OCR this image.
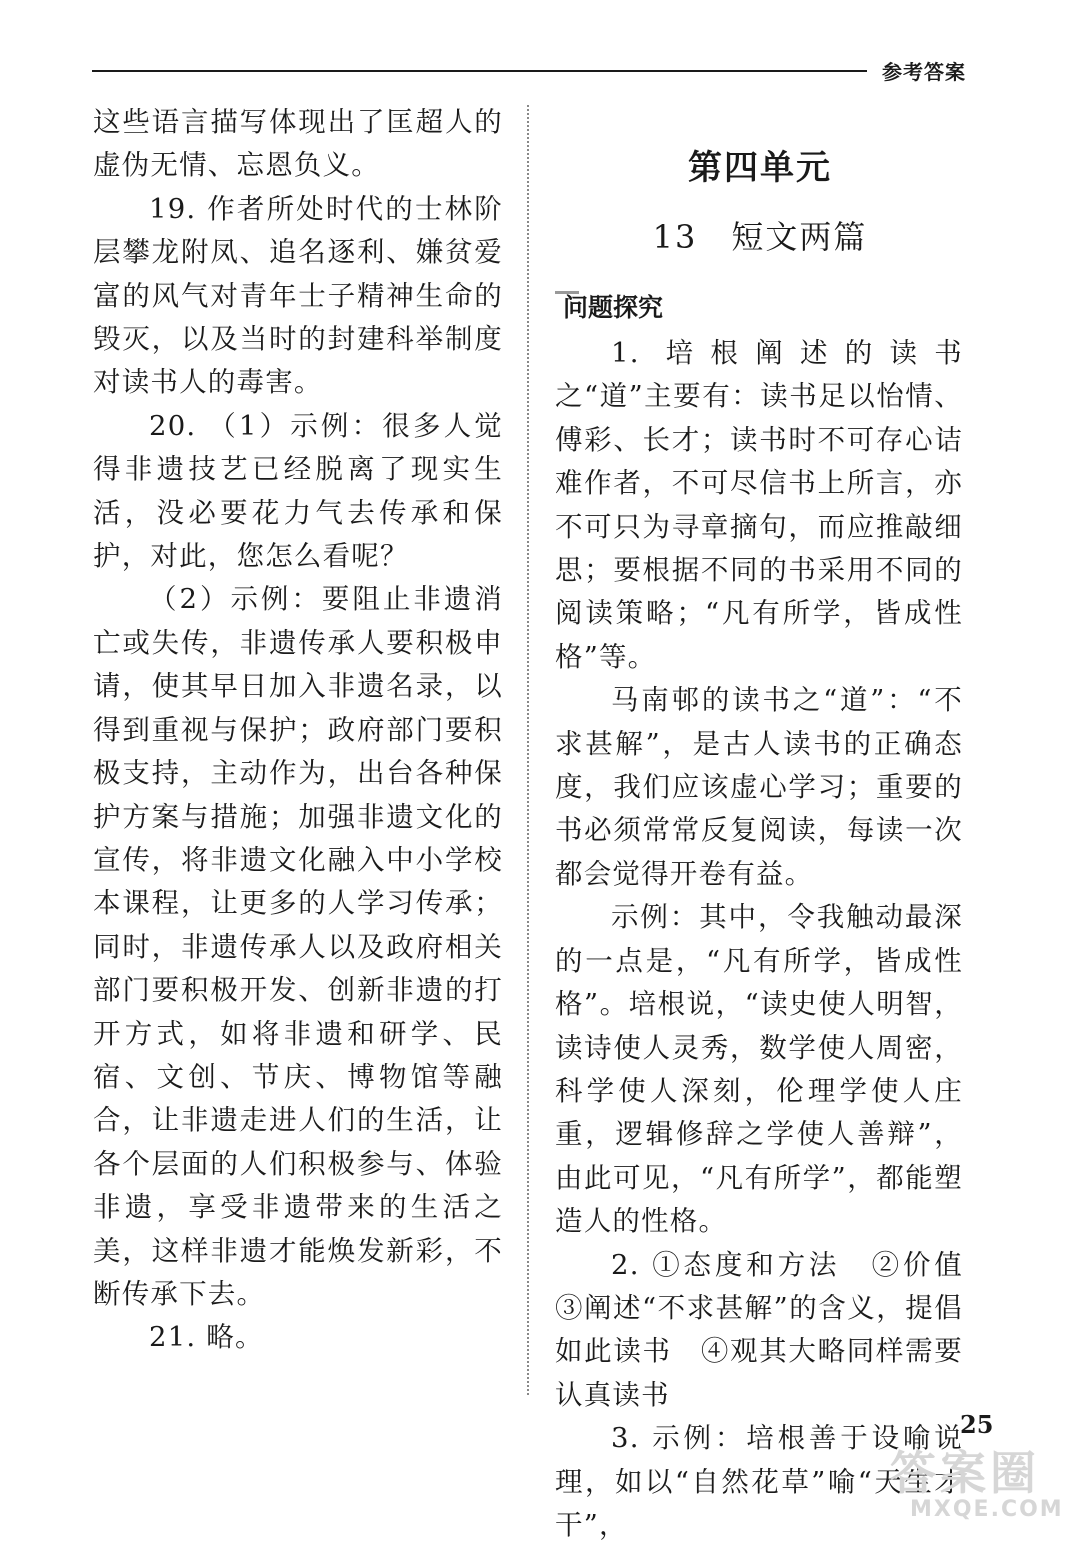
参考答案

这些语言描写体现出了匡超人的虚伪无情、忘恩负义。

19. 作者所处时代的士林阶层攀龙附凤、追名逐利、嫌贫爱富的风气对青年士子精神生命的毁灭，以及当时的封建科举制度对读书人的毒害。

20. （1）示例：很多人觉得非遗技艺已经脱离了现实生活，没必要花力气去传承和保护，对此，您怎么看呢？

（2）示例：要阻止非遗消亡或失传，非遗传承人要积极申请，使其早日加入非遗名录，以得到重视与保护；政府部门要积极支持，主动作为，出台各种保护方案与措施；加强非遗文化的宣传，将非遗文化融入中小学校本课程，让更多的人学习传承；同时，非遗传承人以及政府相关部门要积极开发、创新非遗的打开方式，如将非遗和研学、民宿、文创、节庆、博物馆等融合，让非遗走进人们的生活，让各个层面的人们积极参与、体验非遗，享受非遗带来的生活之美，这样非遗才能焕发新彩，不断传承下去。

21. 略。

第四单元
13　短文两篇
问题探究

1. 培根阐述的读书之“道”主要有：读书足以怡情、傅彩、长才；读书时不可存心诘难作者，不可尽信书上所言，亦不可只为寻章摘句，而应推敲细思；要根据不同的书采用不同的阅读策略；“凡有所学，皆成性格”等。

马南邨的读书之“道”：“不求甚解”，是古人读书的正确态度，我们应该虚心学习；重要的书必须常常反复阅读，每读一次都会觉得开卷有益。

示例：其中，令我触动最深的一点是，“凡有所学，皆成性格”。培根说，“读史使人明智，读诗使人灵秀，数学使人周密，科学使人深刻，伦理学使人庄重，逻辑修辞之学使人善辩”，由此可见，“凡有所学”，都能塑造人的性格。

2. ①态度和方法　②价值　③阐述“不求甚解”的含义，提倡如此读书　④观其大略同样需要认真读书

3. 示例：培根善于设喻说理，如以“自然花草”喻“天生才干”，

25
答案圈
MXQE.COM
